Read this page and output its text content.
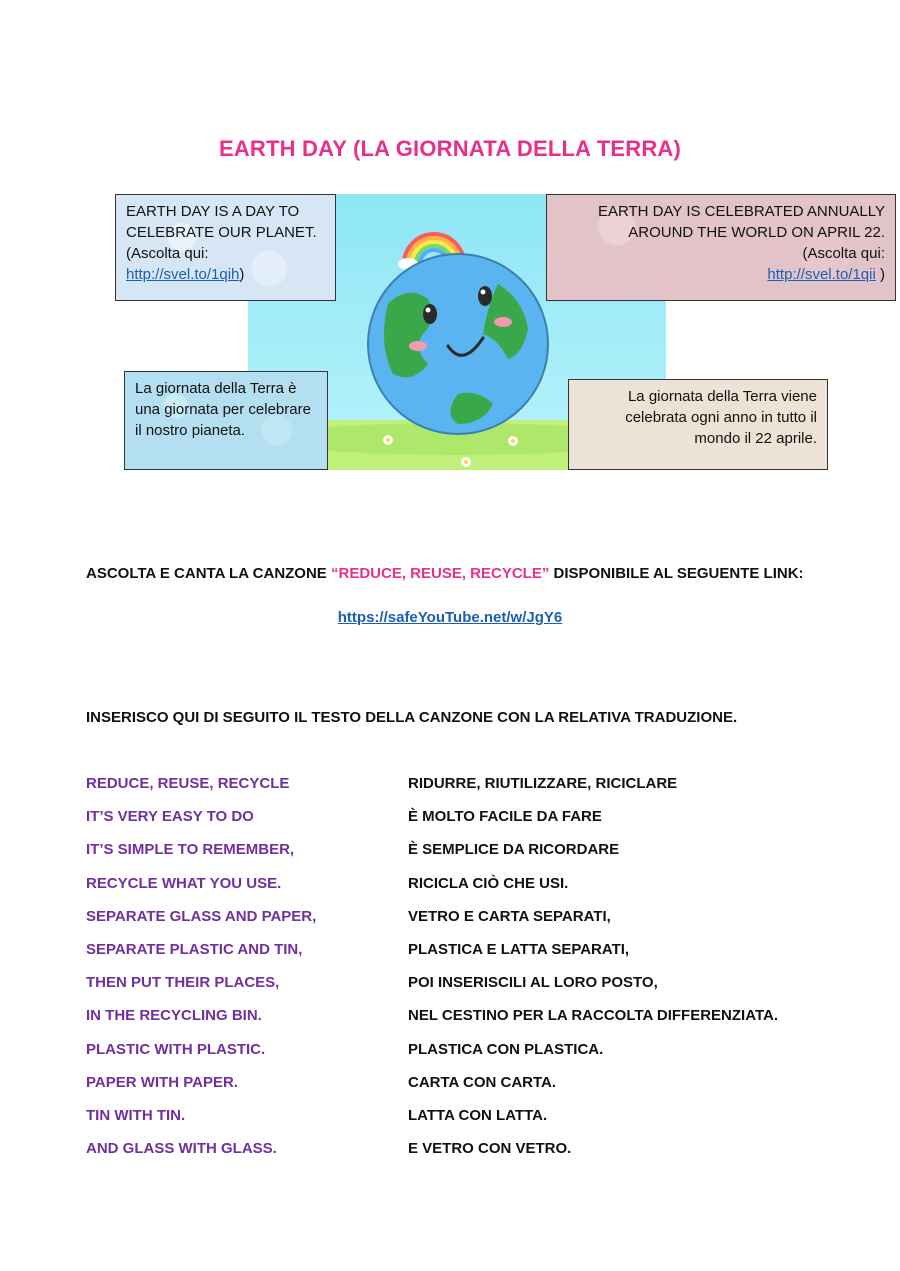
EARTH DAY (LA GIORNATA DELLA TERRA)

EARTH DAY IS A DAY TO CELEBRATE OUR PLANET.

(Ascolta qui:

http://svel.to/1qih)

EARTH DAY IS CELEBRATED ANNUALLY AROUND THE WORLD ON APRIL 22.

(Ascolta qui:

http://svel.to/1qii )

La giornata della Terra è una giornata per celebrare il nostro pianeta.

La giornata della Terra viene celebrata ogni anno in tutto il mondo il 22 aprile.

ASCOLTA E CANTA LA CANZONE “REDUCE, REUSE, RECYCLE” DISPONIBILE AL SEGUENTE LINK:
https://safeYouTube.net/w/JgY6
INSERISCO QUI DI SEGUITO IL TESTO DELLA CANZONE CON LA RELATIVA TRADUZIONE.
REDUCE, REUSE, RECYCLE	RIDURRE, RIUTILIZZARE, RICICLARE
IT’S VERY EASY TO DO	È MOLTO FACILE DA FARE
IT’S SIMPLE TO REMEMBER,	È SEMPLICE DA RICORDARE
RECYCLE WHAT YOU USE.	RICICLA CIÒ CHE USI.
SEPARATE GLASS AND PAPER,	VETRO E CARTA SEPARATI,
SEPARATE PLASTIC AND TIN,	PLASTICA E LATTA SEPARATI,
THEN PUT THEIR PLACES,	POI INSERISCILI AL LORO POSTO,
IN THE RECYCLING BIN.	NEL CESTINO PER LA RACCOLTA DIFFERENZIATA.
PLASTIC WITH PLASTIC.	PLASTICA CON PLASTICA.
PAPER WITH PAPER.	CARTA CON CARTA.
TIN WITH TIN.	LATTA CON LATTA.
AND GLASS WITH GLASS.	E VETRO CON VETRO.
